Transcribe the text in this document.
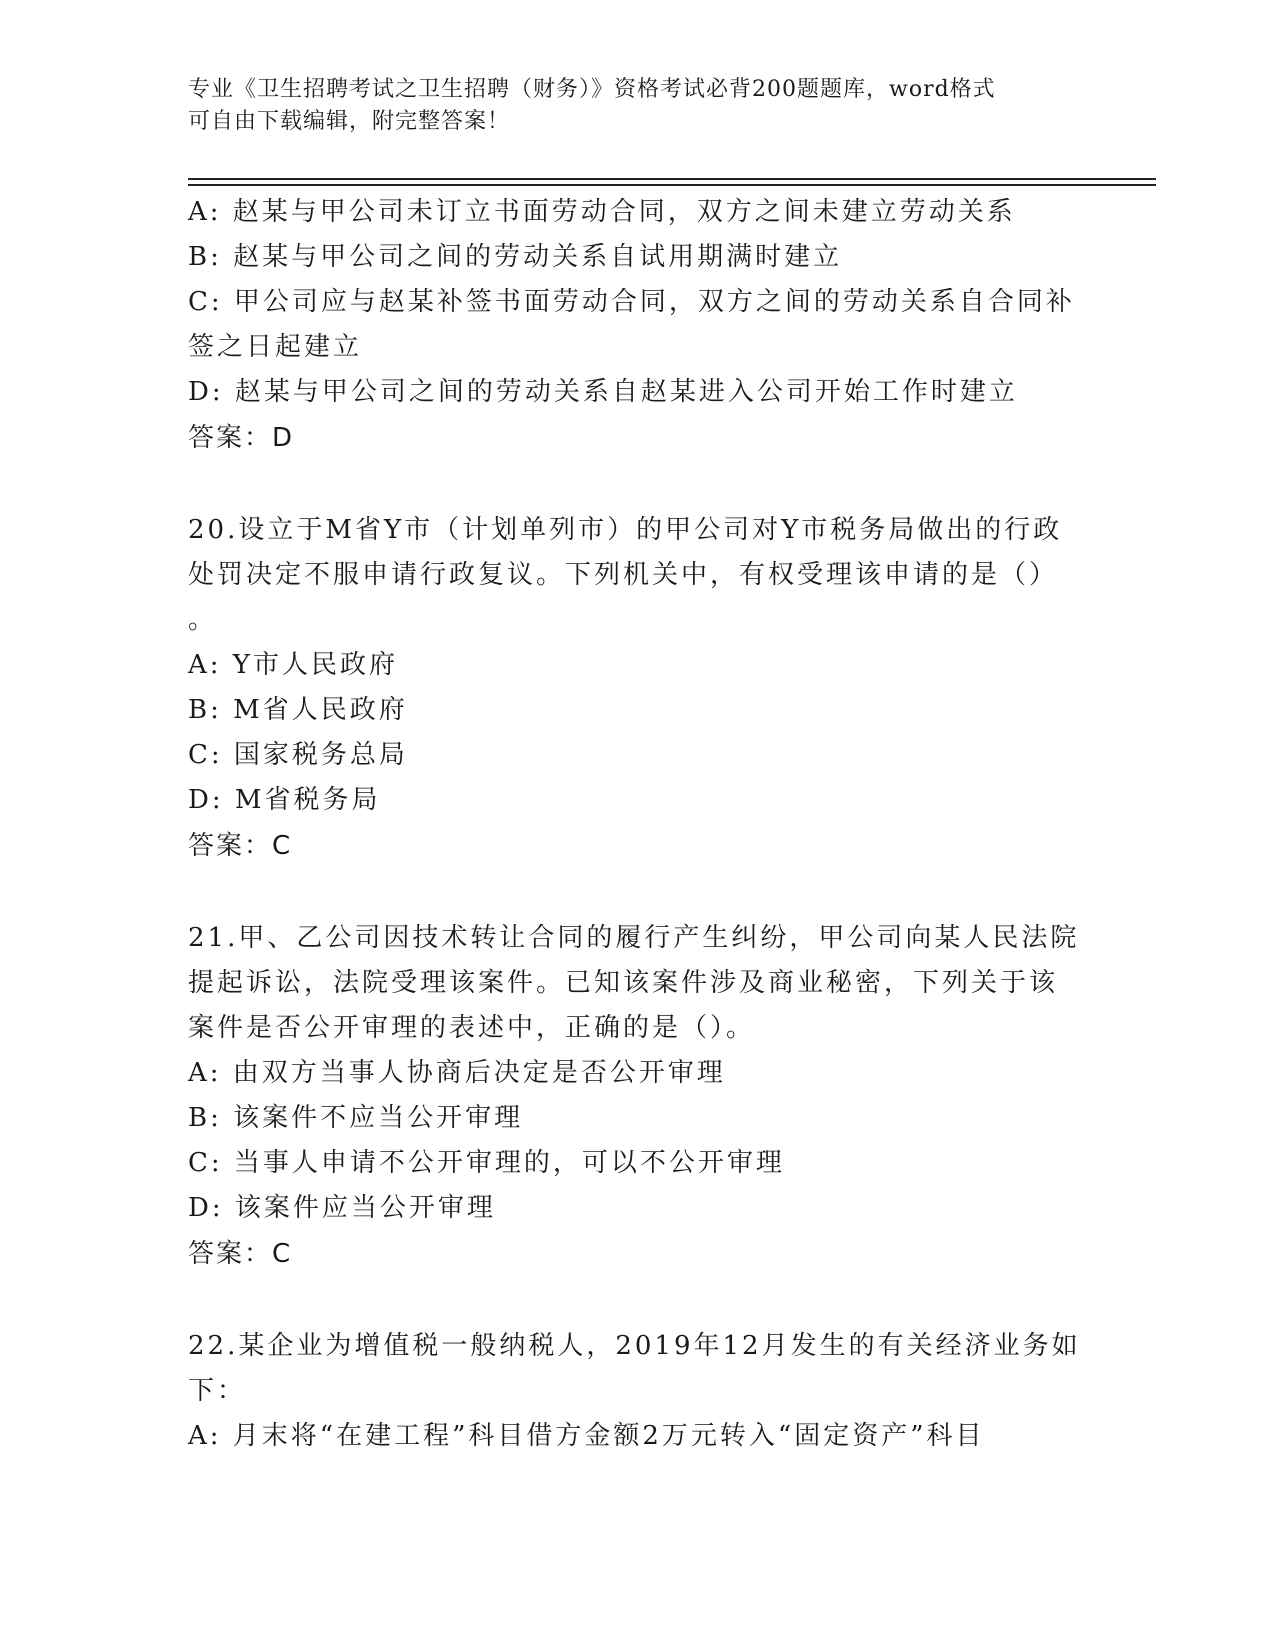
专业《卫生招聘考试之卫生招聘（财务）》资格考试必背200题题库，word格式
可自由下载编辑，附完整答案！
A: 赵某与甲公司未订立书面劳动合同，双方之间未建立劳动关系
B: 赵某与甲公司之间的劳动关系自试用期满时建立
C: 甲公司应与赵某补签书面劳动合同，双方之间的劳动关系自合同补
签之日起建立
D: 赵某与甲公司之间的劳动关系自赵某进入公司开始工作时建立
答案：D
20.设立于M省Y市（计划单列市）的甲公司对Y市税务局做出的行政
处罚决定不服申请行政复议。下列机关中，有权受理该申请的是（）
。
A: Y市人民政府
B: M省人民政府
C: 国家税务总局
D: M省税务局
答案：C
21.甲、乙公司因技术转让合同的履行产生纠纷，甲公司向某人民法院
提起诉讼，法院受理该案件。已知该案件涉及商业秘密，下列关于该
案件是否公开审理的表述中，正确的是（）。
A: 由双方当事人协商后决定是否公开审理
B: 该案件不应当公开审理
C: 当事人申请不公开审理的，可以不公开审理
D: 该案件应当公开审理
答案：C
22.某企业为增值税一般纳税人，2019年12月发生的有关经济业务如
下：
A: 月末将“在建工程”科目借方金额2万元转入“固定资产”科目
